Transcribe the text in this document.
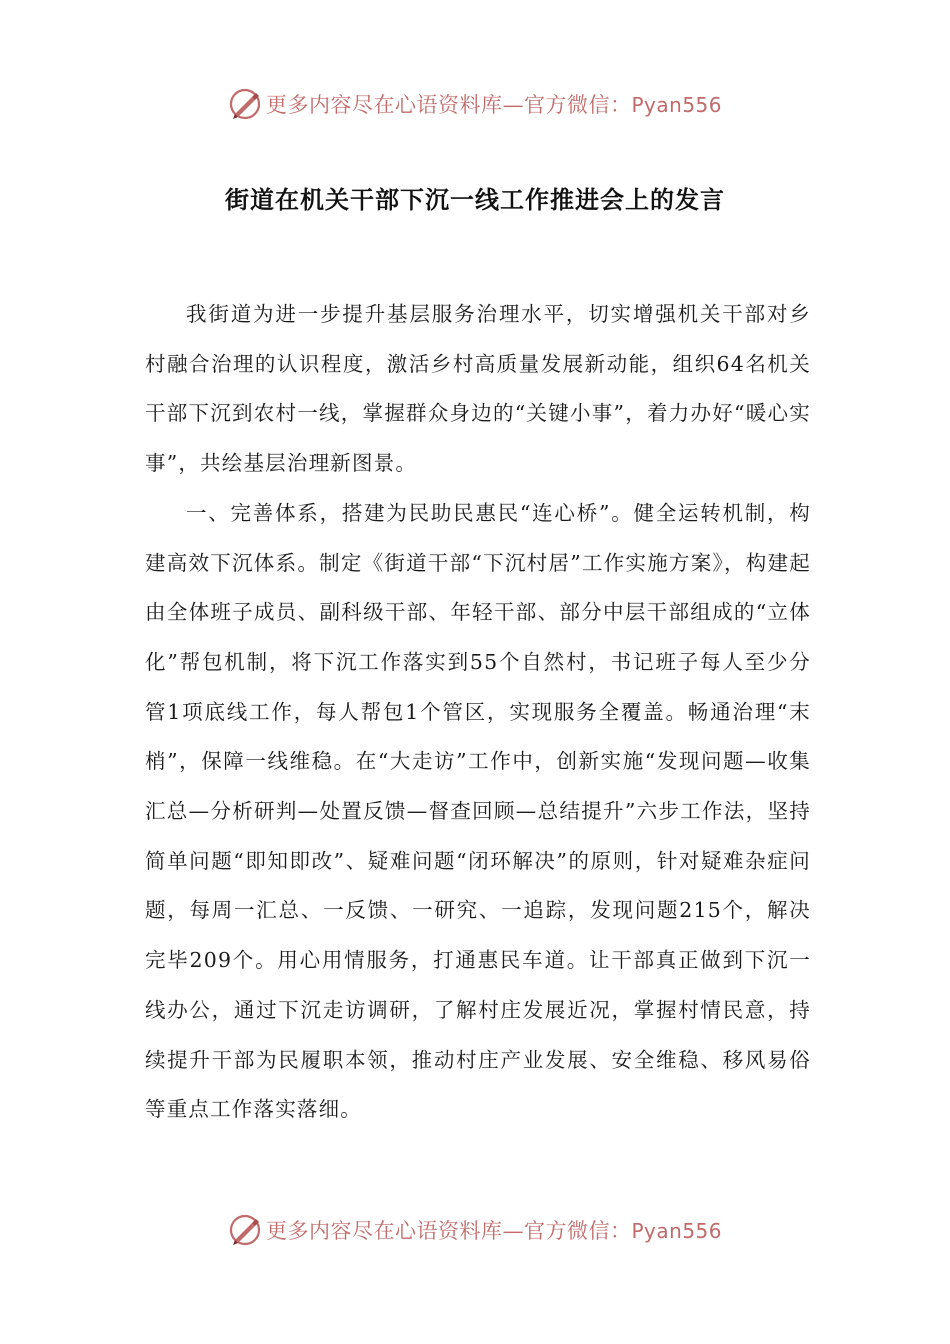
更多内容尽在心语资料库—官方微信：Pyan556
街道在机关干部下沉一线工作推进会上的发言

我街道为进一步提升基层服务治理水平，切实增强机关干部对乡村融合治理的认识程度，激活乡村高质量发展新动能，组织64名机关干部下沉到农村一线，掌握群众身边的“关键小事”，着力办好“暖心实事”，共绘基层治理新图景。

一、完善体系，搭建为民助民惠民“连心桥”。健全运转机制，构建高效下沉体系。制定《街道干部“下沉村居”工作实施方案》，构建起由全体班子成员、副科级干部、年轻干部、部分中层干部组成的“立体化”帮包机制，将下沉工作落实到55个自然村，书记班子每人至少分管1项底线工作，每人帮包1个管区，实现服务全覆盖。畅通治理“末梢”，保障一线维稳。在“大走访”工作中，创新实施“发现问题—收集汇总—分析研判—处置反馈—督查回顾—总结提升”六步工作法，坚持简单问题“即知即改”、疑难问题“闭环解决”的原则，针对疑难杂症问题，每周一汇总、一反馈、一研究、一追踪，发现问题215个，解决完毕209个。用心用情服务，打通惠民车道。让干部真正做到下沉一线办公，通过下沉走访调研，了解村庄发展近况，掌握村情民意，持续提升干部为民履职本领，推动村庄产业发展、安全维稳、移风易俗等重点工作落实落细。

更多内容尽在心语资料库—官方微信：Pyan556
